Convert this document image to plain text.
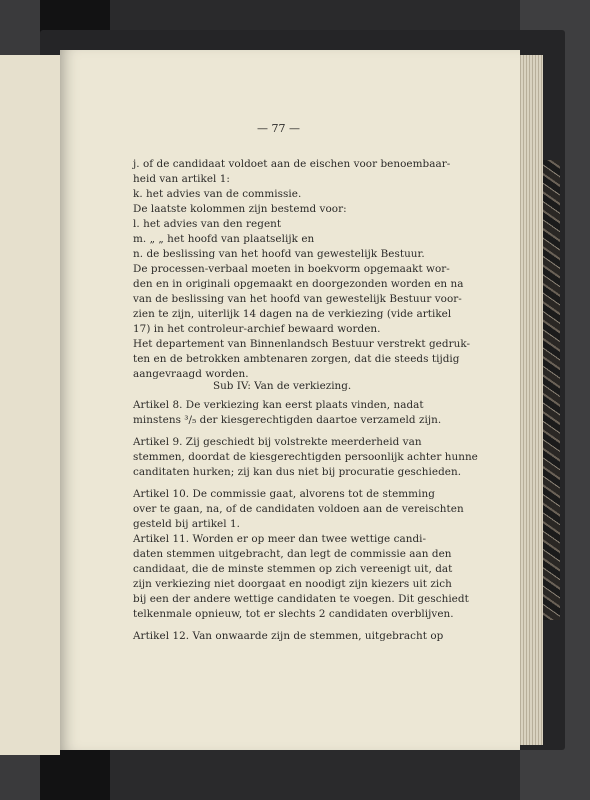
— 77 —
j. of de candidaat voldoet aan de eischen voor benoembaar-
heid van artikel 1:
k. het advies van de commissie.
De laatste kolommen zijn bestemd voor:
l. het advies van den regent
m. „ „ het hoofd van plaatselijk en
n. de beslissing van het hoofd van gewestelijk Bestuur.
De processen-verbaal moeten in boekvorm opgemaakt wor-
den en in originali opgemaakt en doorgezonden worden en na
van de beslissing van het hoofd van gewestelijk Bestuur voor-
zien te zijn, uiterlijk 14 dagen na de verkiezing (vide artikel
17) in het controleur-archief bewaard worden.
Het departement van Binnenlandsch Bestuur verstrekt gedruk-
ten en de betrokken ambtenaren zorgen, dat die steeds tijdig
aangevraagd worden.
Sub IV: Van de verkiezing.
Artikel 8. De verkiezing kan eerst plaats vinden, nadat
minstens ³/₅ der kiesgerechtigden daartoe verzameld zijn.
Artikel 9. Zij geschiedt bij volstrekte meerderheid van
stemmen, doordat de kiesgerechtigden persoonlijk achter hunne
canditaten hurken; zij kan dus niet bij procuratie geschieden.
Artikel 10. De commissie gaat, alvorens tot de stemming
over te gaan, na, of de candidaten voldoen aan de vereischten
gesteld bij artikel 1.
Artikel 11. Worden er op meer dan twee wettige candi-
daten stemmen uitgebracht, dan legt de commissie aan den
candidaat, die de minste stemmen op zich vereenigt uit, dat
zijn verkiezing niet doorgaat en noodigt zijn kiezers uit zich
bij een der andere wettige candidaten te voegen. Dit geschiedt
telkenmale opnieuw, tot er slechts 2 candidaten overblijven.
Artikel 12. Van onwaarde zijn de stemmen, uitgebracht op
